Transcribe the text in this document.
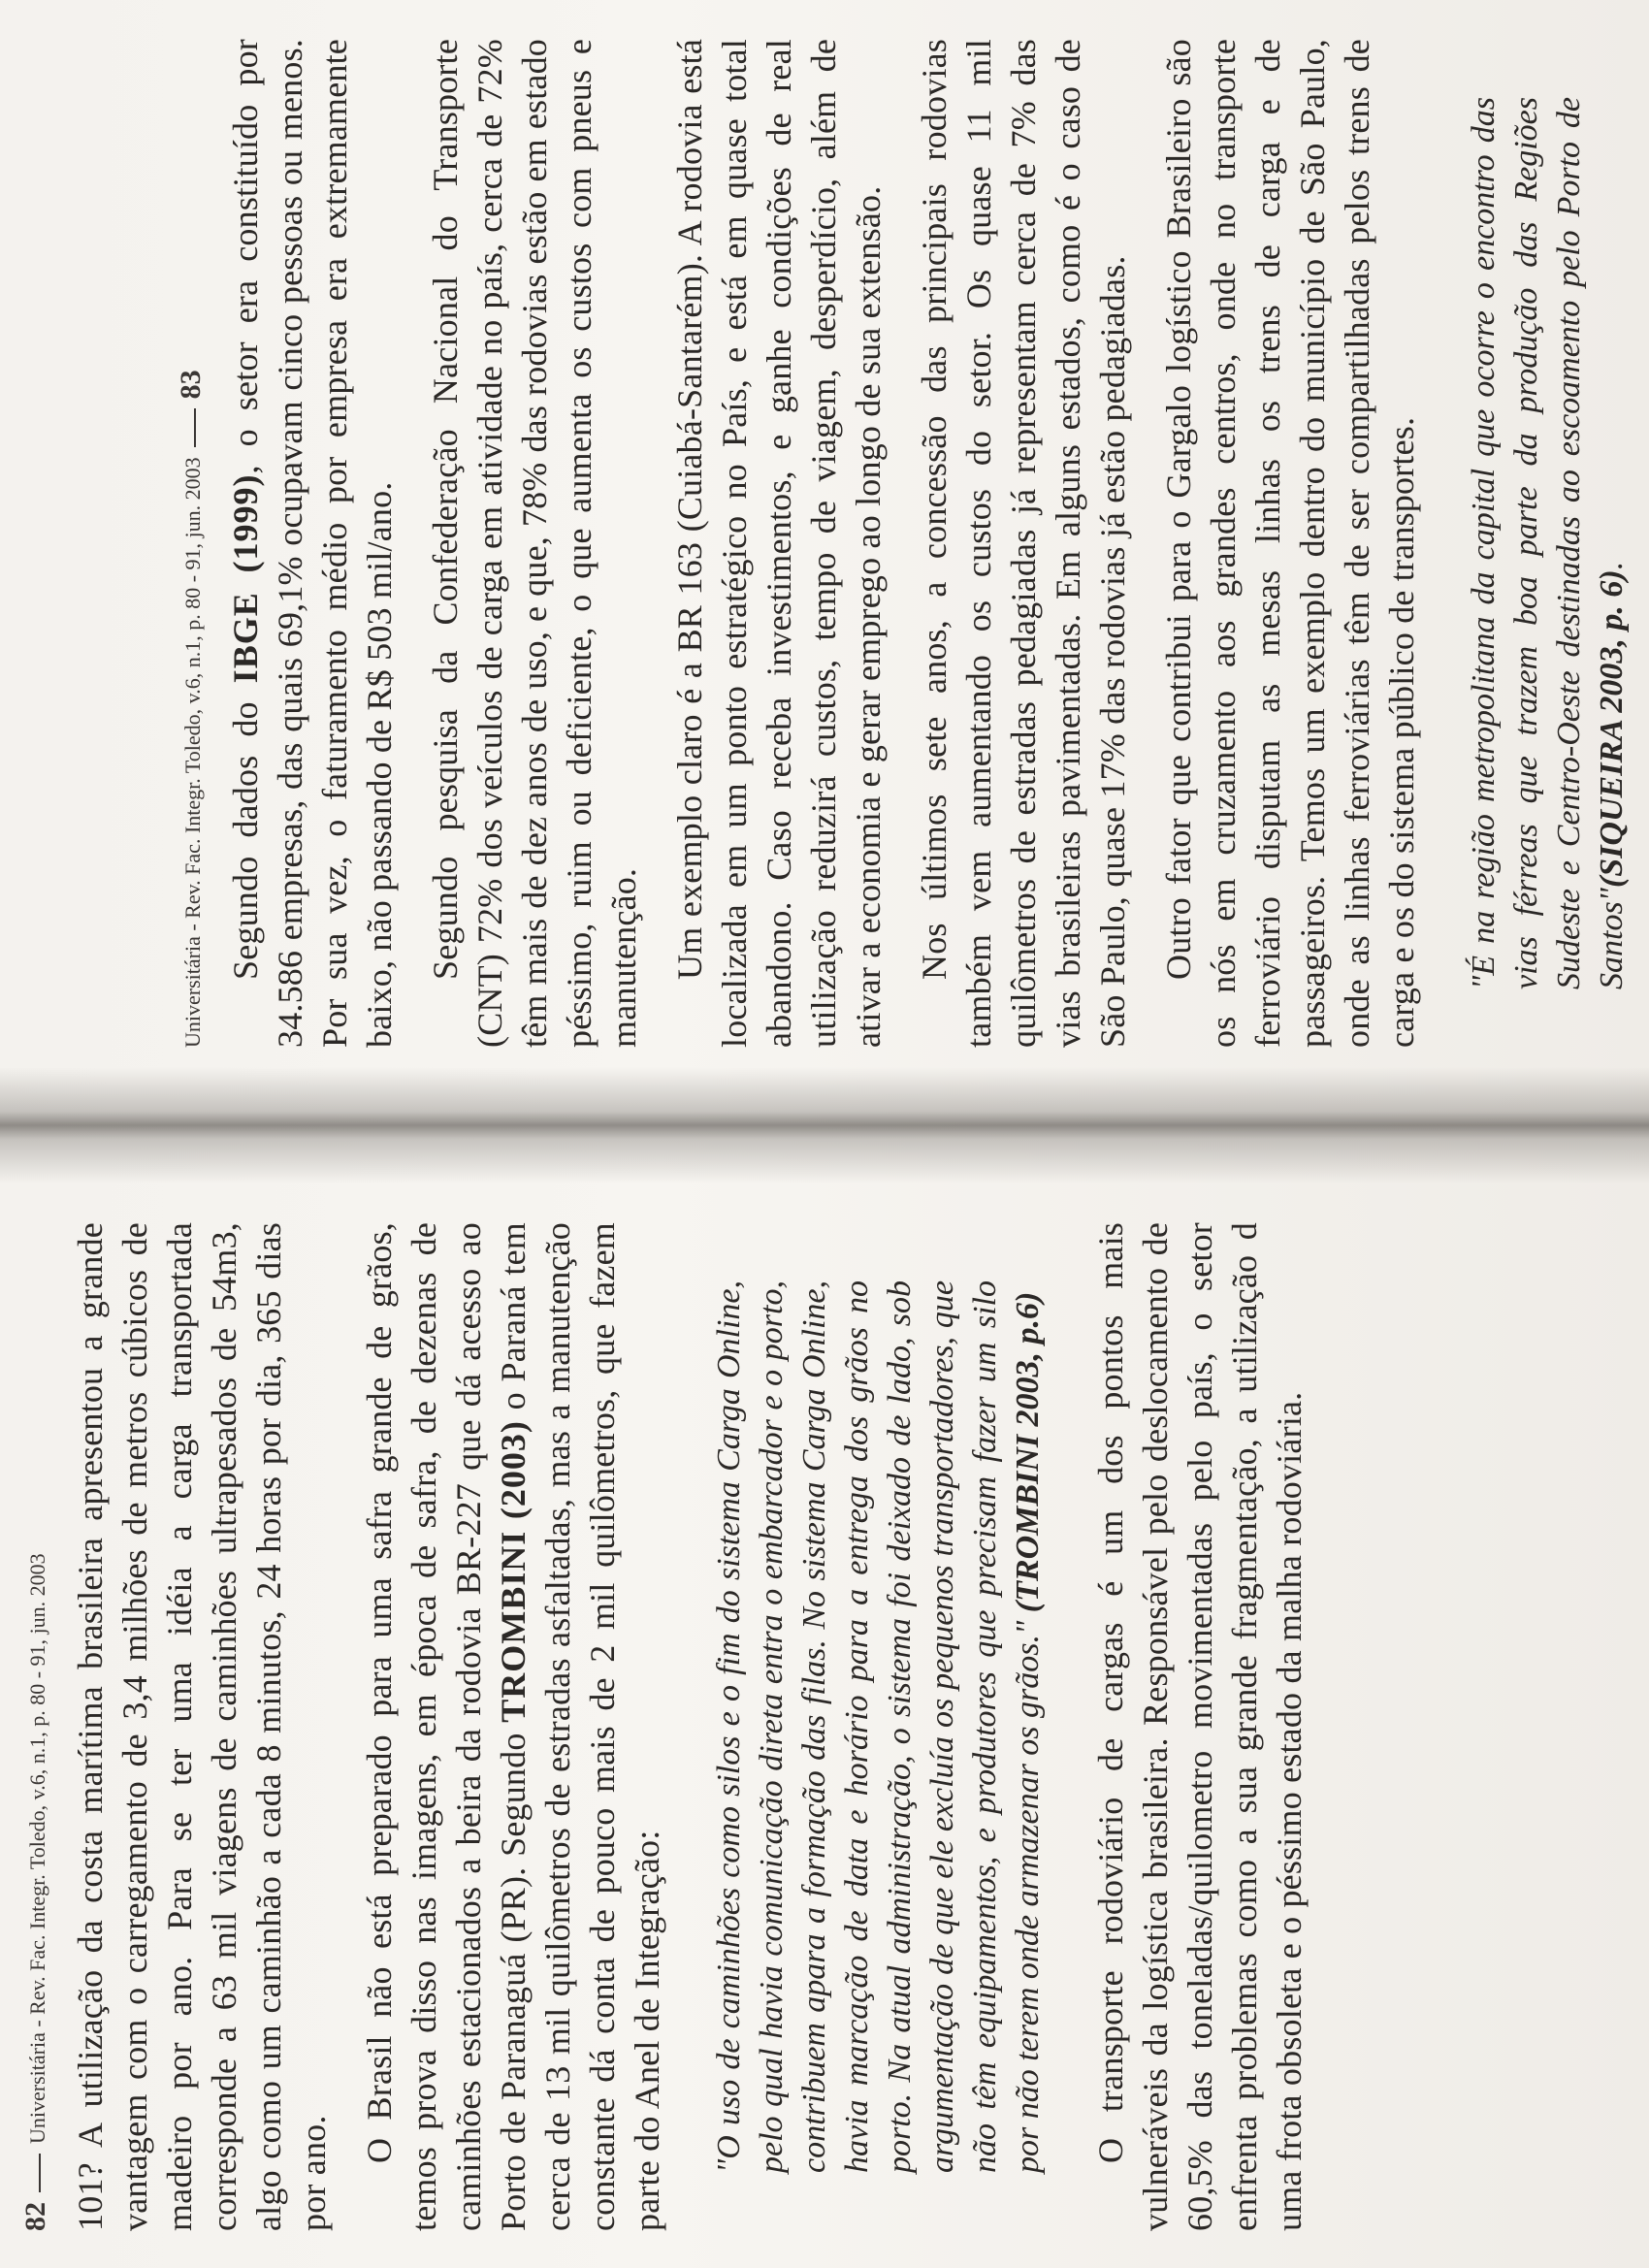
82
Universitária - Rev. Fac. Integr. Toledo, v.6, n.1, p. 80 - 91, jun. 2003 101? A utilização da costa marítima brasileira apresentou a grande vantagem com o carregamento de 3,4 milhões de metros cúbicos de madeiro por ano. Para se ter uma idéia a carga transportada corresponde a 63 mil viagens de caminhões ultrapesados de 54m3, algo como um caminhão a cada 8 minutos, 24 horas por dia, 365 dias por ano.

O Brasil não está preparado para uma safra grande de grãos, temos prova disso nas imagens, em época de safra, de dezenas de caminhões estacionados a beira da rodovia BR-227 que dá acesso ao Porto de Paranaguá (PR). Segundo TROMBINI (2003) o Paraná tem cerca de 13 mil quilômetros de estradas asfaltadas, mas a manutenção constante dá conta de pouco mais de 2 mil quilômetros, que fazem parte do Anel de Integração: "O uso de caminhões como silos e o fim do sistema Carga Online, pelo qual havia comunicação direta entra o embarcador e o porto, contribuem apara a formação das filas. No sistema Carga Online, havia marcação de data e horário para a entrega dos grãos no porto. Na atual administração, o sistema foi deixado de lado, sob argumentação de que ele excluía os pequenos transportadores, que não têm equipamentos, e produtores que precisam fazer um silo por não terem onde armazenar os grãos." (TROMBINI 2003, p.6) O transporte rodoviário de cargas é um dos pontos mais vulneráveis da logística brasileira. Responsável pelo deslocamento de 60,5% das toneladas/quilometro movimentadas pelo país, o setor enfrenta problemas como a sua grande fragmentação, a utilização d uma frota obsoleta e o péssimo estado da malha rodoviária.

Universitária - Rev. Fac. Integr. Toledo, v.6, n.1, p. 80 - 91, jun. 2003
83

Segundo dados do IBGE (1999), o setor era constituído por 34.586 empresas, das quais 69,1% ocupavam cinco pessoas ou menos. Por sua vez, o faturamento médio por empresa era extremamente baixo, não passando de R$ 503 mil/ano. Segundo pesquisa da Confederação Nacional do Transporte (CNT) 72% dos veículos de carga em atividade no país, cerca de 72% têm mais de dez anos de uso, e que, 78% das rodovias estão em estado péssimo, ruim ou deficiente, o que aumenta os custos com pneus e manutenção. Um exemplo claro é a BR 163 (Cuiabá-Santarém). A rodovia está localizada em um ponto estratégico no País, e está em quase total abandono. Caso receba investimentos, e ganhe condições de real utilização reduzirá custos, tempo de viagem, desperdício, além de ativar a economia e gerar emprego ao longo de sua extensão. Nos últimos sete anos, a concessão das principais rodovias também vem aumentando os custos do setor. Os quase 11 mil quilômetros de estradas pedagiadas já representam cerca de 7% das vias brasileiras pavimentadas. Em alguns estados, como é o caso de São Paulo, quase 17% das rodovias já estão pedagiadas. Outro fator que contribui para o Gargalo logístico Brasileiro são os nós em cruzamento aos grandes centros, onde no transporte ferroviário disputam as mesas linhas os trens de carga e de passageiros. Temos um exemplo dentro do município de São Paulo, onde as linhas ferroviárias têm de ser compartilhadas pelos trens de carga e os do sistema público de transportes. "É na região metropolitana da capital que ocorre o encontro das vias férreas que trazem boa parte da produção das Regiões Sudeste e Centro-Oeste destinadas ao escoamento pelo Porto de Santos"(SIQUEIRA 2003, p. 6).
